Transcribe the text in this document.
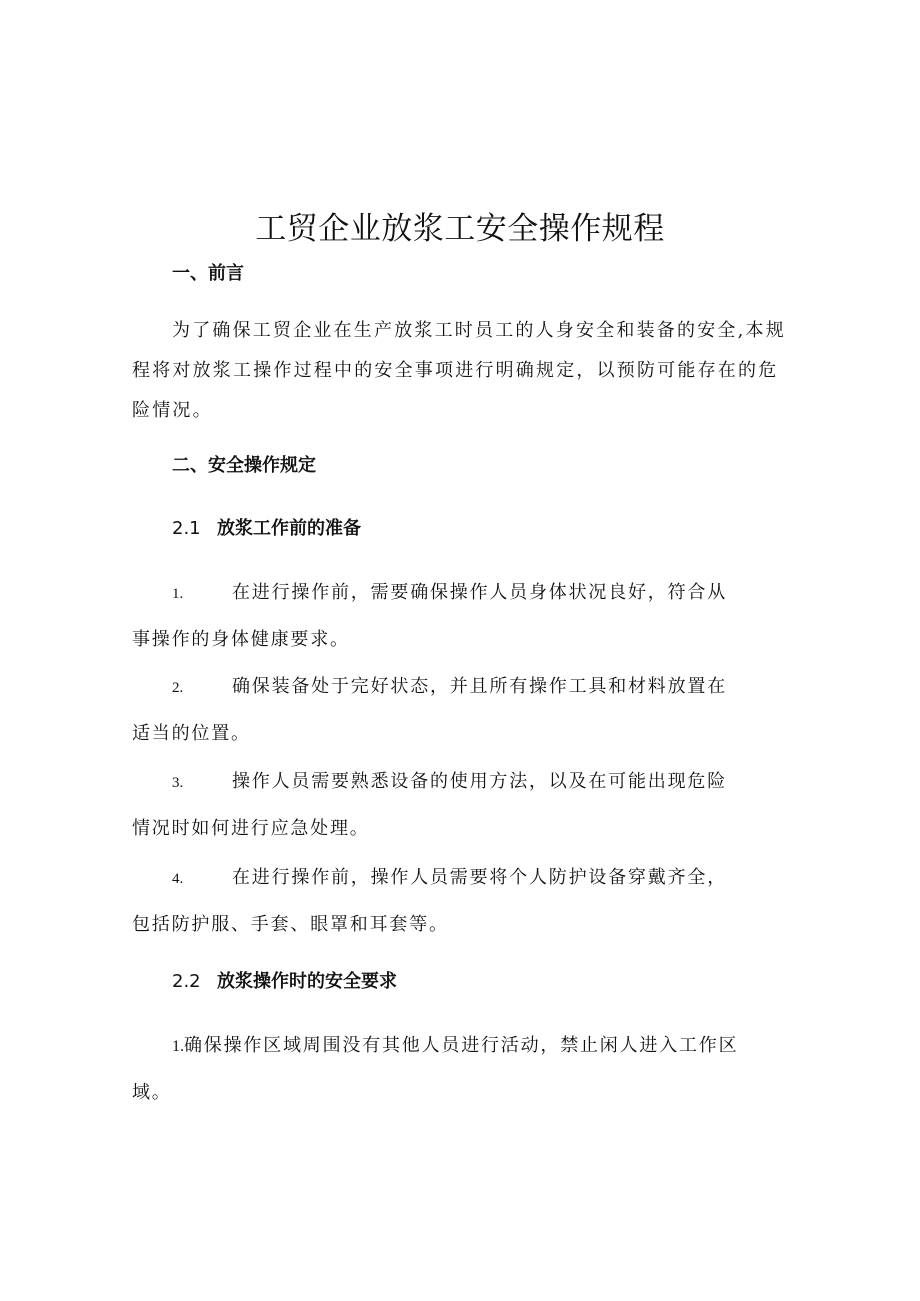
工贸企业放浆工安全操作规程
一、前言
为了确保工贸企业在生产放浆工时员工的人身安全和装备的安全,本规
程将对放浆工操作过程中的安全事项进行明确规定，以预防可能存在的危
险情况。
二、安全操作规定
2.1 放浆工作前的准备
1.	在进行操作前，需要确保操作人员身体状况良好，符合从
事操作的身体健康要求。
2.	确保装备处于完好状态，并且所有操作工具和材料放置在
适当的位置。
3.	操作人员需要熟悉设备的使用方法，以及在可能出现危险
情况时如何进行应急处理。
4.	在进行操作前，操作人员需要将个人防护设备穿戴齐全，
包括防护服、手套、眼罩和耳套等。
2.2 放浆操作时的安全要求
1.确保操作区域周围没有其他人员进行活动，禁止闲人进入工作区
域。
